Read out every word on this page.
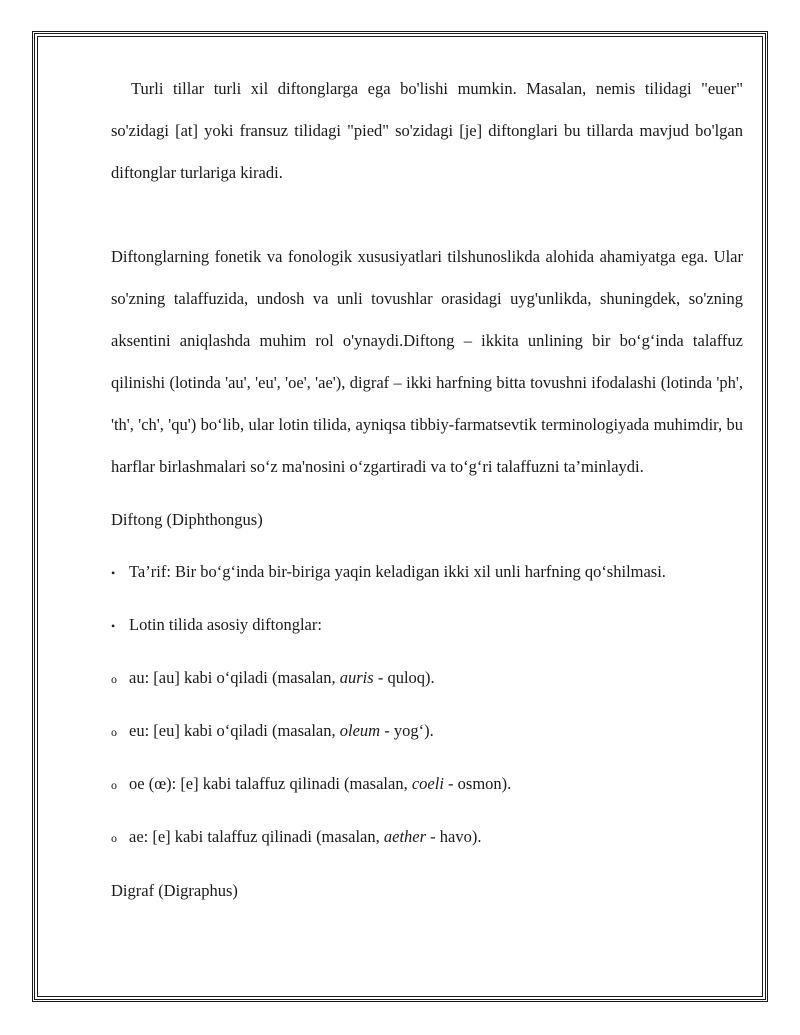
Turli tillar turli xil diftonglarga ega bo'lishi mumkin. Masalan, nemis tilidagi "euer" so'zidagi [at] yoki fransuz tilidagi "pied" so'zidagi [je] diftonglari bu tillarda mavjud bo'lgan diftonglar turlariga kiradi.

Diftonglarning fonetik va fonologik xususiyatlari tilshunoslikda alohida ahamiyatga ega. Ular so'zning talaffuzida, undosh va unli tovushlar orasidagi uyg'unlikda, shuningdek, so'zning aksentini aniqlashda muhim rol o'ynaydi.Diftong – ikkita unlining bir bo‘g‘inda talaffuz qilinishi (lotinda 'au', 'eu', 'oe', 'ae'), digraf – ikki harfning bitta tovushni ifodalashi (lotinda 'ph', 'th', 'ch', 'qu') bo‘lib, ular lotin tilida, ayniqsa tibbiy-farmatsevtik terminologiyada muhimdir, bu harflar birlashmalari so‘z ma'nosini o‘zgartiradi va to‘g‘ri talaffuzni ta’minlaydi.

Diftong (Diphthongus)
• Ta’rif: Bir bo‘g‘inda bir-biriga yaqin keladigan ikki xil unli harfning qo‘shilmasi.
• Lotin tilida asosiy diftonglar:
o au: [au] kabi o‘qiladi (masalan, auris - quloq).
o eu: [eu] kabi o‘qiladi (masalan, oleum - yog‘).
o oe (œ): [e] kabi talaffuz qilinadi (masalan, coeli - osmon).
o ae: [e] kabi talaffuz qilinadi (masalan, aether - havo).
Digraf (Digraphus)
